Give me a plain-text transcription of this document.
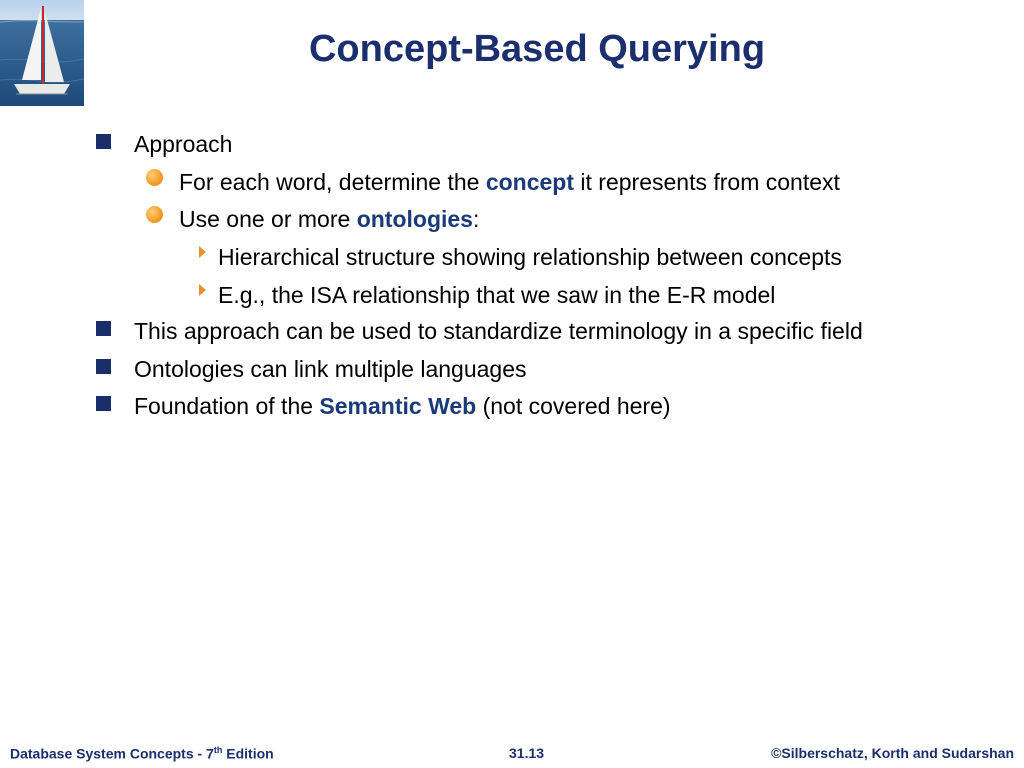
Concept-Based Querying
Approach
For each word, determine the concept it represents from context
Use one or more ontologies:
Hierarchical structure showing relationship between concepts
E.g., the ISA relationship that we saw in the E-R model
This approach can be used to standardize terminology in a specific field
Ontologies can link multiple languages
Foundation of the Semantic Web (not covered here)
Database System Concepts - 7th Edition	31.13	©Silberschatz, Korth and Sudarshan
